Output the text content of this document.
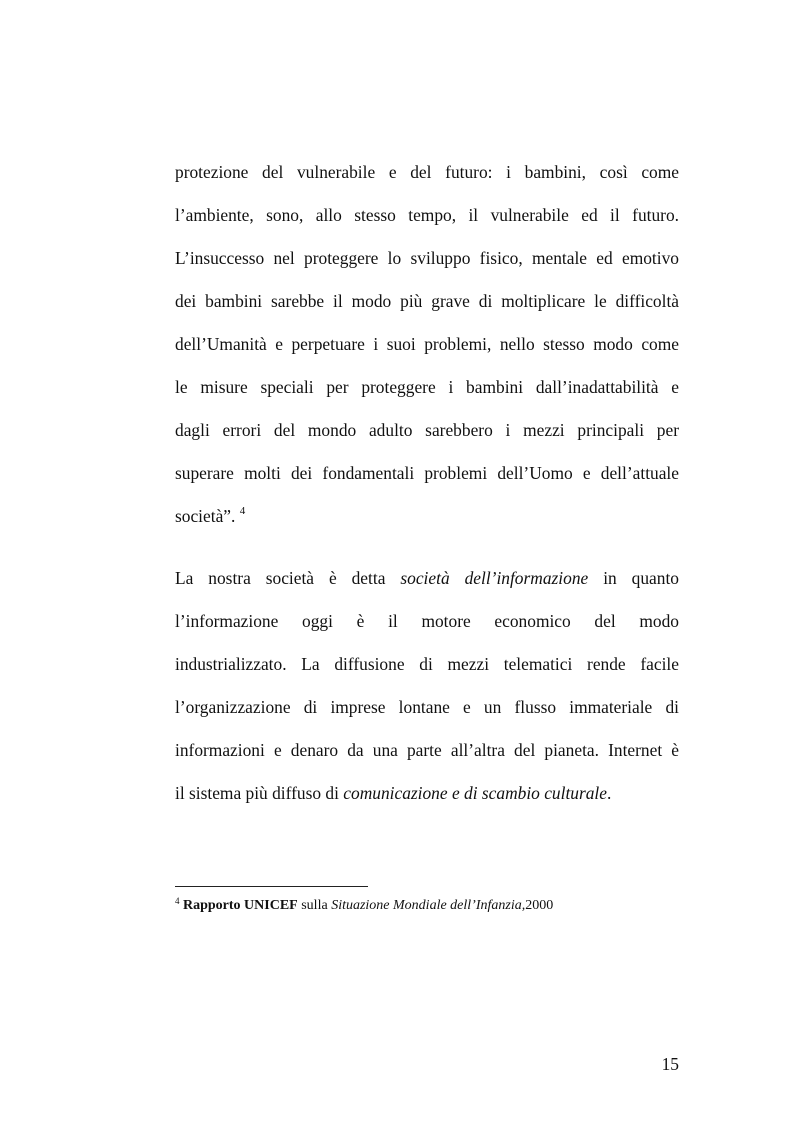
protezione del vulnerabile e del futuro: i bambini, così come
l’ambiente, sono, allo stesso tempo, il vulnerabile ed il futuro.
L’insuccesso nel proteggere lo sviluppo fisico, mentale ed emotivo
dei bambini sarebbe il modo più grave di moltiplicare le difficoltà
dell’Umanità e perpetuare i suoi problemi, nello stesso modo come
le misure speciali per proteggere i bambini dall’inadattabilità e
dagli errori del mondo adulto sarebbero i mezzi principali per
superare molti dei fondamentali problemi dell’Uomo e dell’attuale
società”. $^4$
La nostra società è detta società dell’informazione in quanto
l’informazione oggi è il motore economico del modo
industrializzato. La diffusione di mezzi telematici rende facile
l’organizzazione di imprese lontane e un flusso immateriale di
informazioni e denaro da una parte all’altra del pianeta. Internet è
il sistema più diffuso di comunicazione e di scambio culturale.
$^4$ Rapporto UNICEF sulla Situazione Mondiale dell’Infanzia,2000
15
